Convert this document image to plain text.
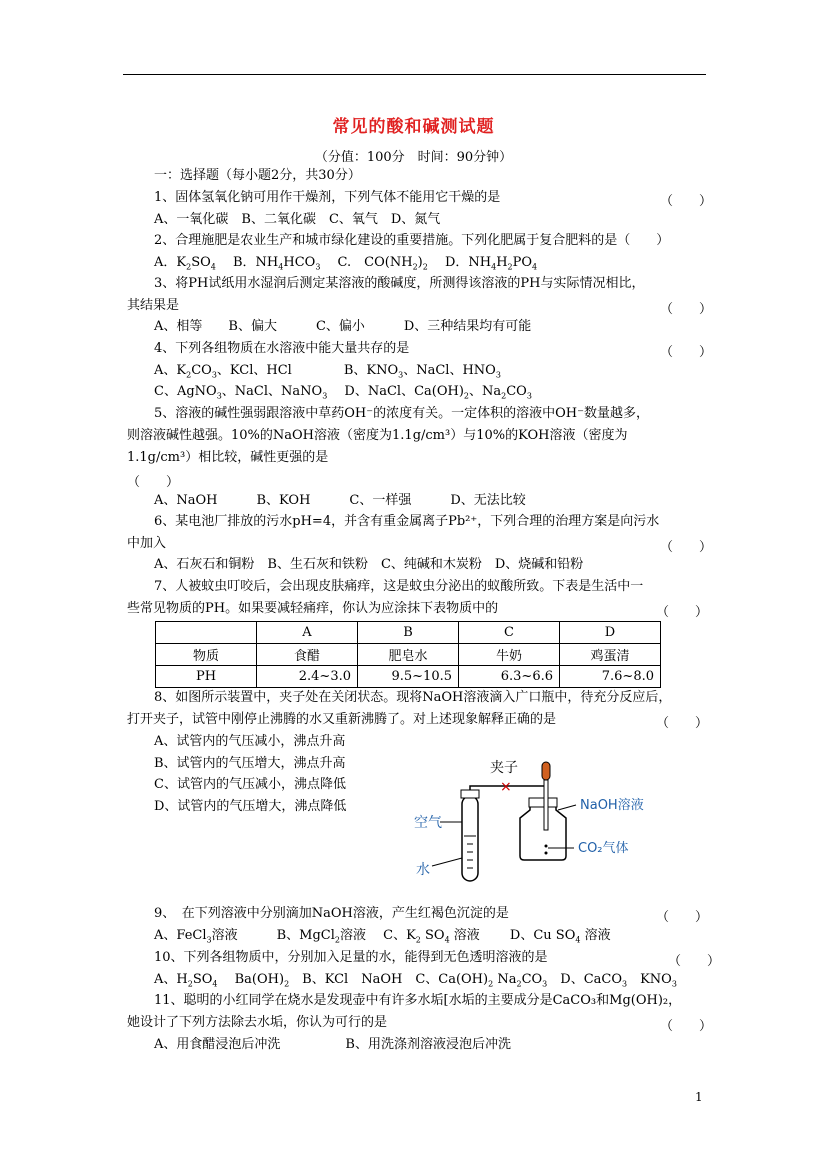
常见的酸和碱测试题
（分值：100分　时间：90分钟）
一：选择题（每小题2分，共30分）
1、固体氢氧化钠可用作干燥剂，下列气体不能用它干燥的是	（　　）
A、一氧化碳　B、二氧化碳　C、氧气　D、氮气
2、合理施肥是农业生产和城市绿化建设的重要措施。下列化肥属于复合肥料的是（　　）
A．$K_2SO_4$　 B．$NH_4HCO_3$　 C.　$CO(NH_2)_2$　 D．$NH_4H_2PO_4$
3、将PH试纸用水湿润后测定某溶液的酸碱度，所测得该溶液的PH与实际情况相比，
其结果是	（　　）
A、相等　　B、偏大　　　C、偏小　　　D、三种结果均有可能
4、下列各组物质在水溶液中能大量共存的是	（　　）
A、$K_2CO_3$、KCl、HCl　　　　B、$KNO_3$、NaCl、$HNO_3$
C、AgNO$_3$、NaCl、NaNO$_3$　 D、NaCl、$Ca(OH)_2$、$Na_2CO_3$
5、溶液的碱性强弱跟溶液中草药OH⁻的浓度有关。一定体积的溶液中OH⁻数量越多，
则溶液碱性越强。10%的NaOH溶液（密度为1.1g/cm³）与10%的KOH溶液（密度为
1.1g/cm³）相比较，碱性更强的是
（　　）
A、NaOH　　　B、KOH　　　C、一样强　　　D、无法比较
6、某电池厂排放的污水pH=4，并含有重金属离子Pb²⁺，下列合理的治理方案是向污水
中加入	（　　）
A、石灰石和铜粉　B、生石灰和铁粉　C、纯碱和木炭粉　D、烧碱和铅粉
7、人被蚊虫叮咬后，会出现皮肤痛痒，这是蚊虫分泌出的蚁酸所致。下表是生活中一
些常见物质的PH。如果要减轻痛痒，你认为应涂抹下表物质中的	（　　）
	A	B	C	D
物质	食醋	肥皂水	牛奶	鸡蛋清
PH	2.4~3.0	9.5~10.5	6.3~6.6	7.6~8.0
8、如图所示装置中，夹子处在关闭状态。现将NaOH溶液滴入广口瓶中，待充分反应后，
打开夹子，试管中刚停止沸腾的水又重新沸腾了。对上述现象解释正确的是	（　　）
A、试管内的气压减小，沸点升高
B、试管内的气压增大，沸点升高
C、试管内的气压减小，沸点降低
D、试管内的气压增大，沸点降低
×
夹子
空气
水
NaOH溶液
CO₂气体
9、　在下列溶液中分别滴加NaOH溶液，产生红褐色沉淀的是	（　　）
A、FeCl$_3$溶液　　　B、MgCl$_2$溶液　 C、$K_2$ $SO_4$ 溶液　　 D、Cu $SO_4$ 溶液
10、下列各组物质中，分别加入足量的水，能得到无色透明溶液的是	（　　）
A、$H_2SO_4$　 $Ba(OH)_2$　B、KCl　NaOH　C、$Ca(OH)_2$ $Na_2CO_3$　D、CaCO$_3$　$KNO_3$
11、聪明的小红同学在烧水是发现壶中有许多水垢[水垢的主要成分是CaCO₃和Mg(OH)₂，
她设计了下列方法除去水垢，你认为可行的是	（　　）
A、用食醋浸泡后冲洗　　　　　B、用洗涤剂溶液浸泡后冲洗
1
